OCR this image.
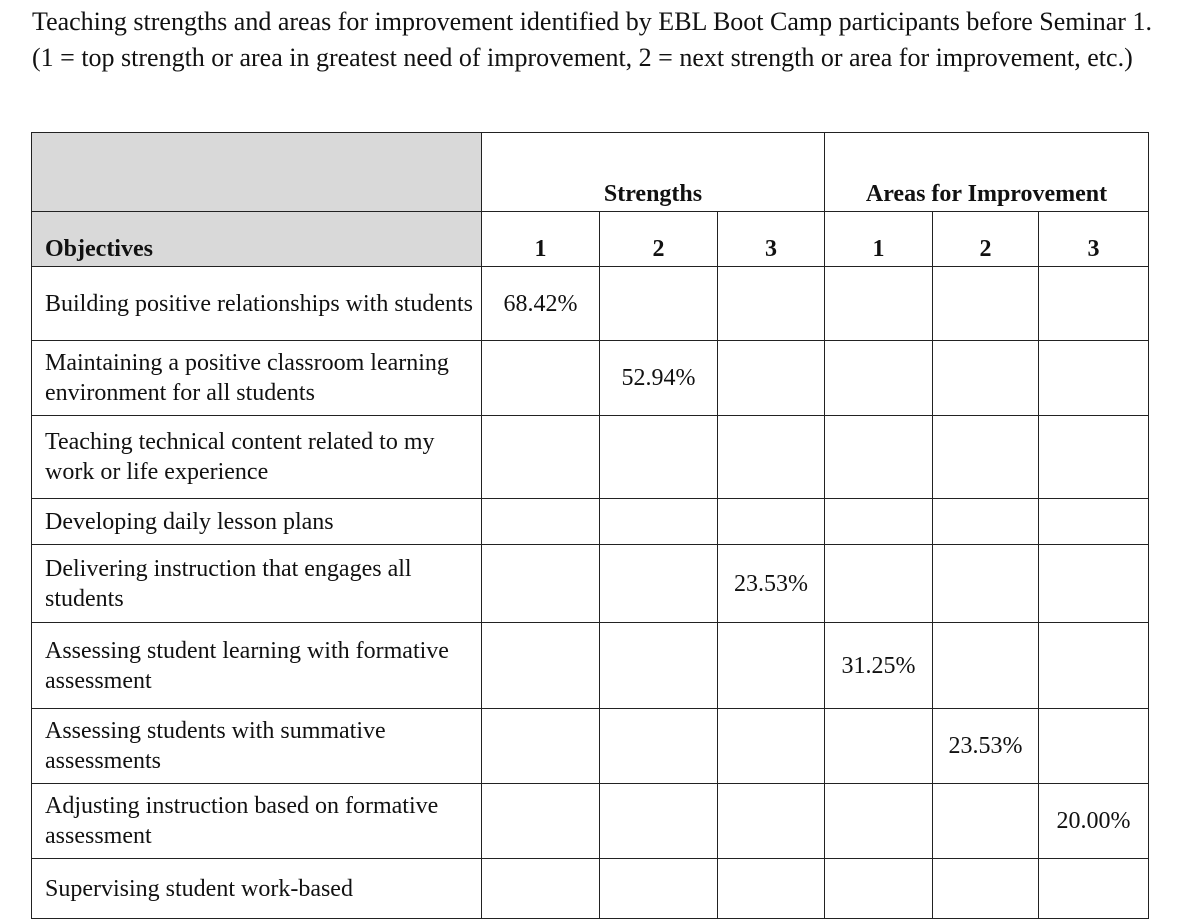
Teaching strengths and areas for improvement identified by EBL Boot Camp participants before Seminar 1. (1 = top strength or area in greatest need of improvement, 2 = next strength or area for improvement, etc.)
	Strengths			Areas for Improvement		
Objectives	1	2	3	1	2	3
Building positive relationships with students	68.42%					
Maintaining a positive classroom learning environment for all students		52.94%				
Teaching technical content related to my work or life experience						
Developing daily lesson plans						
Delivering instruction that engages all students			23.53%			
Assessing student learning with formative assessment				31.25%		
Assessing students with summative assessments					23.53%	
Adjusting instruction based on formative assessment						20.00%
Supervising student work-based						
